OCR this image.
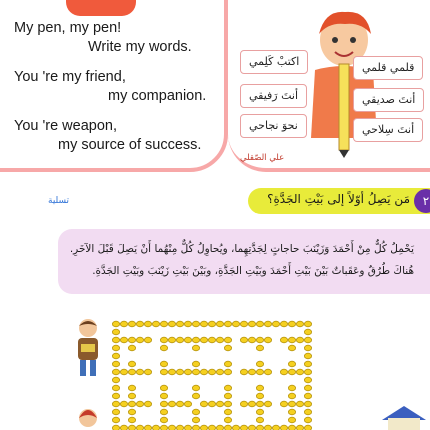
My pen, my pen!
Write my words.
You 're my friend,
my companion.
You 're weapon,
my source of success.
قلمي قلمي
اكتبْ كَلِمي
أنتَ صديقي
أنتَ رَفيقي
أنتَ سِلاحي
نحوَ نجاحي
علي الصّقلي
مَن يَصِلُ أوّلاً إلى بَيْتِ الجَدَّةِ؟	٢
تسلية
يَحْمِلُ كُلٌّ مِنْ أَحْمَدَ وَزَيْنَبَ حاجاتٍ لِجَدَّتِهِما، ويُحاوِلُ كُلٌّ مِنْهُما أَنْ يَصِلَ قَبْلَ الآخَرِ.
هُناكَ طُرُقٌ وعَقَباتٌ بَيْنَ بَيْتِ أَحْمَدَ وبَيْتِ الجَدَّةِ، وبَيْنَ بَيْتِ زَيْنَبَ وبَيْتِ الجَدَّةِ.
